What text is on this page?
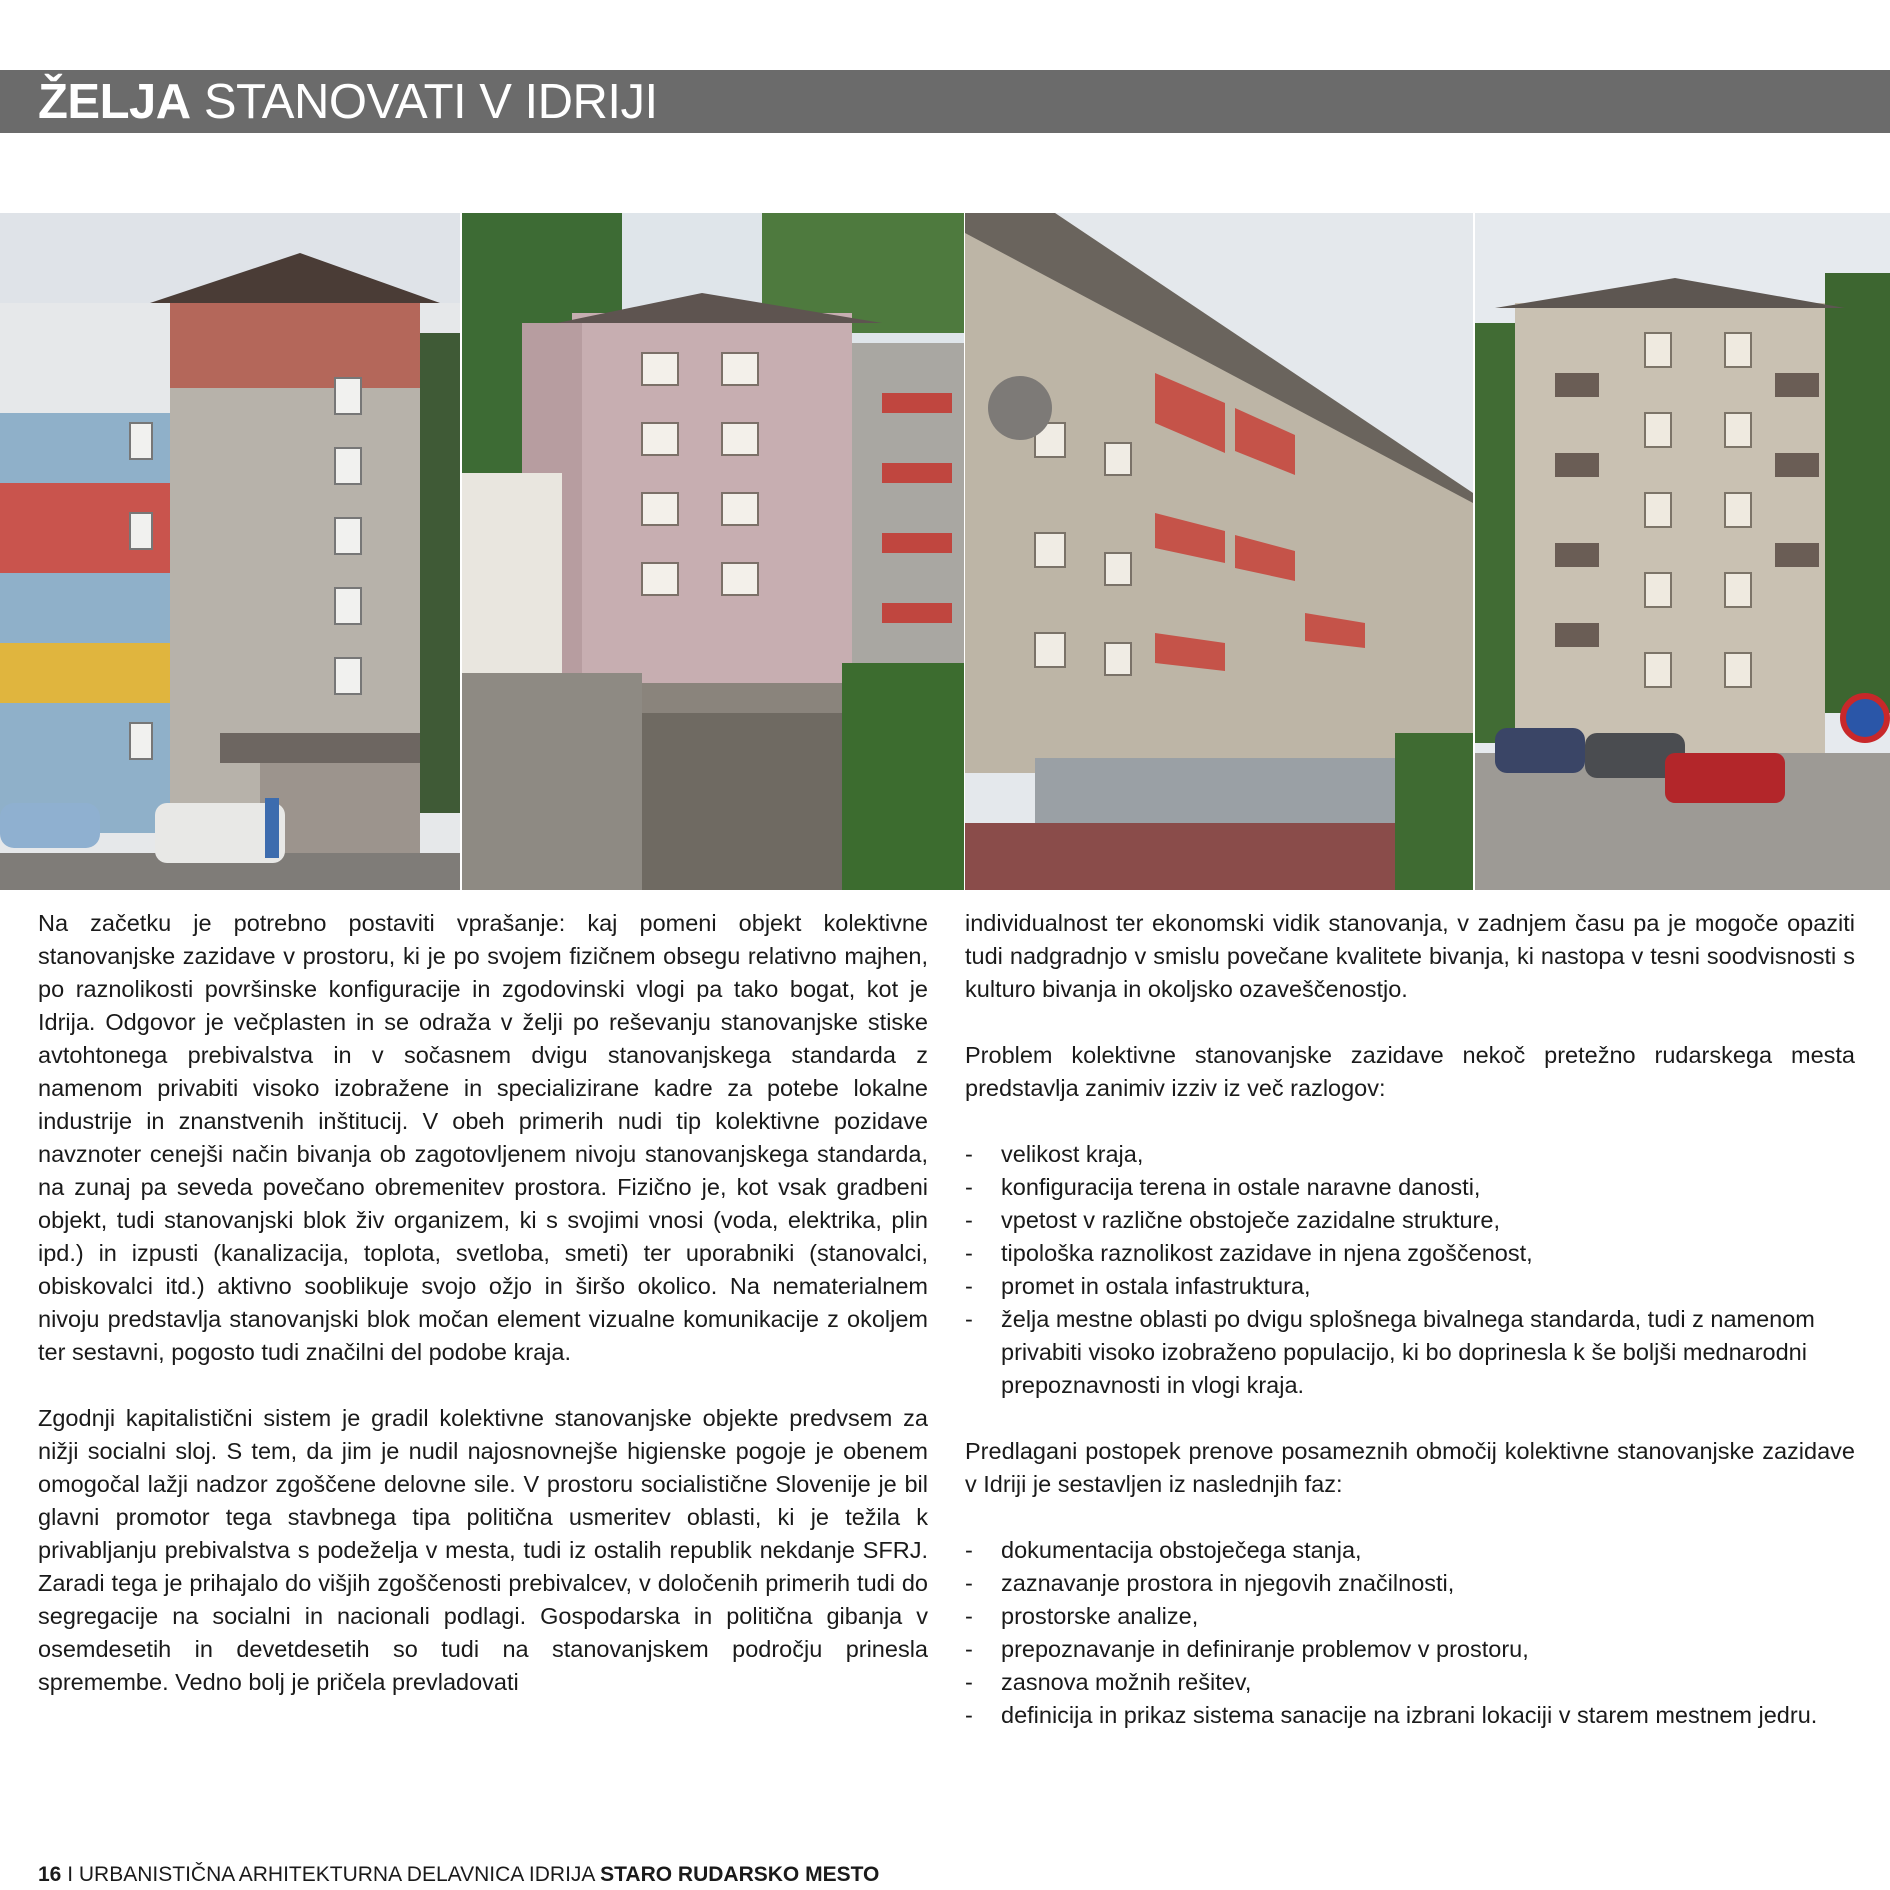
ŽELJA STANOVATI V IDRIJI

Na začetku je potrebno postaviti vprašanje: kaj pomeni objekt kolektivne stanovanjske zazidave v prostoru, ki je po svojem fizičnem obsegu relativno majhen, po raznolikosti površinske konfiguracije in zgodovinski vlogi pa tako bogat, kot je Idrija. Odgovor je večplasten in se odraža v želji po reševanju stanovanjske stiske avtohtonega prebivalstva in v sočasnem dvigu stanovanjskega standarda z namenom privabiti visoko izobražene in specializirane kadre za potebe lokalne industrije in znanstvenih inštitucij. V obeh primerih nudi tip kolektivne pozidave navznoter cenejši način bivanja ob zagotovljenem nivoju stanovanjskega standarda, na zunaj pa seveda povečano obremenitev prostora. Fizično je, kot vsak gradbeni objekt, tudi stanovanjski blok živ organizem, ki s svojimi vnosi (voda, elektrika, plin ipd.) in izpusti (kanalizacija, toplota, svetloba, smeti) ter uporabniki (stanovalci, obiskovalci itd.) aktivno sooblikuje svojo ožjo in širšo okolico. Na nematerialnem nivoju predstavlja stanovanjski blok močan element vizualne komunikacije z okoljem ter sestavni, pogosto tudi značilni del podobe kraja.

Zgodnji kapitalistični sistem je gradil kolektivne stanovanjske objekte predvsem za nižji socialni sloj. S tem, da jim je nudil najosnovnejše higienske pogoje je obenem omogočal lažji nadzor zgoščene delovne sile. V prostoru socialistične Slovenije je bil glavni promotor tega stavbnega tipa politična usmeritev oblasti, ki je težila k privabljanju prebivalstva s podeželja v mesta, tudi iz ostalih republik nekdanje SFRJ. Zaradi tega je prihajalo do višjih zgoščenosti prebivalcev, v določenih primerih tudi do segregacije na socialni in nacionali podlagi. Gospodarska in politična gibanja v osemdesetih in devetdesetih so tudi na stanovanjskem področju prinesla spremembe. Vedno bolj je pričela prevladovati

individualnost ter ekonomski vidik stanovanja, v zadnjem času pa je mogoče opaziti tudi nadgradnjo v smislu povečane kvalitete bivanja, ki nastopa v tesni soodvisnosti s kulturo bivanja in okoljsko ozaveščenostjo.

Problem kolektivne stanovanjske zazidave nekoč pretežno rudarskega mesta predstavlja zanimiv izziv iz več razlogov:

- velikost kraja,
- konfiguracija terena in ostale naravne danosti,
- vpetost v različne obstoječe zazidalne strukture,
- tipološka raznolikost zazidave in njena zgoščenost,
- promet in ostala infastruktura,
- želja mestne oblasti po dvigu splošnega bivalnega standarda, tudi z namenom privabiti visoko izobraženo populacijo, ki bo doprinesla k še boljši mednarodni prepoznavnosti in vlogi kraja.

Predlagani postopek prenove posameznih območij kolektivne stanovanjske zazidave v Idriji je sestavljen iz naslednjih faz:

- dokumentacija obstoječega stanja,
- zaznavanje prostora in njegovih značilnosti,
- prostorske analize,
- prepoznavanje in definiranje problemov v prostoru,
- zasnova možnih rešitev,
- definicija in prikaz sistema sanacije na izbrani lokaciji v starem mestnem jedru.
16 I URBANISTIČNA ARHITEKTURNA DELAVNICA IDRIJA STARO RUDARSKO MESTO
